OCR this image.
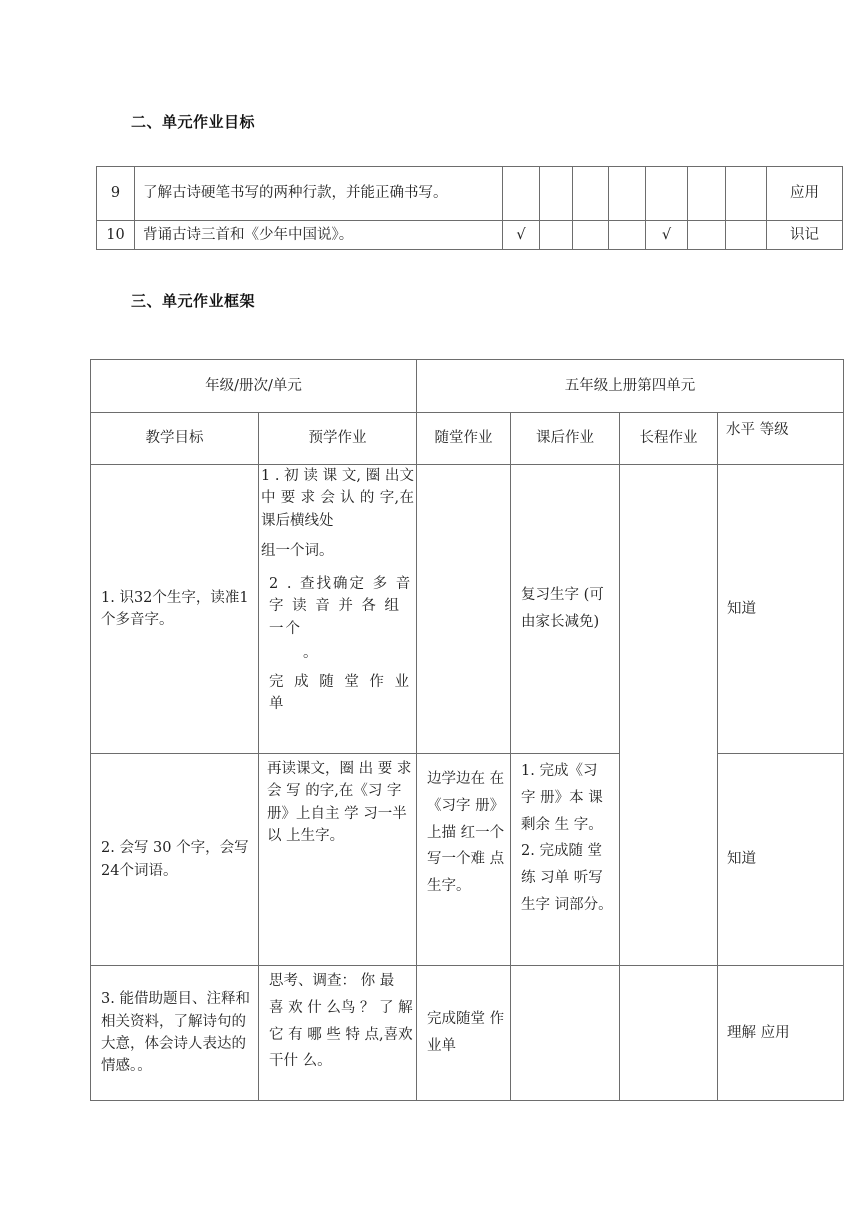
二、单元作业目标
9	了解古诗硬笔书写的两种行款，并能正确书写。								应用
10	背诵古诗三首和《少年中国说》。	√				√			识记
三、单元作业框架
年级/册次/单元		五年级上册第四单元			
教学目标	预学作业	随堂作业	课后作业	长程作业	水平 等级
1. 识32个生字，读准1 个多音字。	1 . 初 读 课 文, 圈 出文中 要 求 会 认 的 字,在课后横线处
组一个词。
2 . 查找确定 多 音 字 读 音 并 各 组一个
。
完 成 随 堂 作 业单		复习生字 (可 由家长减免)		知道
2. 会写 30 个字，会写 24个词语。	再读课文，圈 出 要 求 会 写 的字,在《习 字册》上自主 学 习一半以 上生字。	边学边在 在《习字 册》上描 红一个 写一个难 点 生字。	1. 完成《习 字 册》本 课剩余 生 字。 2. 完成随 堂练 习单 听写生字 词部分。		知道
3. 能借助题目、注释和相关资料，了解诗句的大意，体会诗人表达的情感。。	思考、调查： 你 最 喜 欢 什 么鸟 ？ 了 解 它 有 哪 些 特 点,喜欢干什 么。	完成随堂 作 业单			理解 应用
